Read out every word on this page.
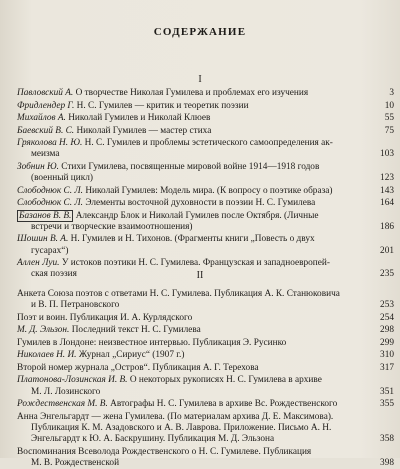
СОДЕРЖАНИЕ
I
Павловский А. О творчестве Николая Гумилева и проблемах его изучения	3
Фридлендер Г. Н. С. Гумилев — критик и теоретик поэзии	10
Михайлов А. Николай Гумилев и Николай Клюев	55
Баевский В. С. Николай Гумилев — мастер стиха	75
Гряколова Н. Ю. Н. С. Гумилев и проблемы эстетического самоопределения ак-
меизма	103
Зобнин Ю. Стихи Гумилева, посвященные мировой войне 1914—1918 годов
(военный цикл)	123
Слободнюк С. Л. Николай Гумилев: Модель мира. (К вопросу о поэтике образа)	143
Слободнюк С. Л. Элементы восточной духовности в поэзии Н. С. Гумилева	164
Базанов В. В. Александр Блок и Николай Гумилев после Октября. (Личные
встречи и творческие взаимоотношения)	186
Шошин В. А. Н. Гумилев и Н. Тихонов. (Фрагменты книги „Повесть о двух
гусарах“)	201
Аллен Луи. У истоков поэтики Н. С. Гумилева. Французская и западноевропей-
ская поэзия	235
II
Анкета Союза поэтов с ответами Н. С. Гумилева. Публикация А. К. Станюковича
и В. П. Петрановского	253
Поэт и воин. Публикация И. А. Курлядского	254
М. Д. Эльзон. Последний текст Н. С. Гумилева	298
Гумилев в Лондоне: неизвестное интервью. Публикация Э. Русинко	299
Николаев Н. И. Журнал „Сириус“ (1907 г.)	310
Второй номер журнала „Остров“. Публикация А. Г. Терехова	317
Платонова-Лозинская И. В. О некоторых рукописях Н. С. Гумилева в архиве
М. Л. Лозинского	351
Рождественская М. В. Автографы Н. С. Гумилева в архиве Вс. Рождественского	355
Анна Энгельгардт — жена Гумилева. (По материалам архива Д. Е. Максимова).
Публикация К. М. Азадовского и А. В. Лаврова. Приложение. Письмо А. Н.
Энгельгардт к Ю. А. Баскрушину. Публикация М. Д. Эльзона	358
Воспоминания Всеволода Рождественского о Н. С. Гумилеве. Публикация
М. В. Рождественской	398
